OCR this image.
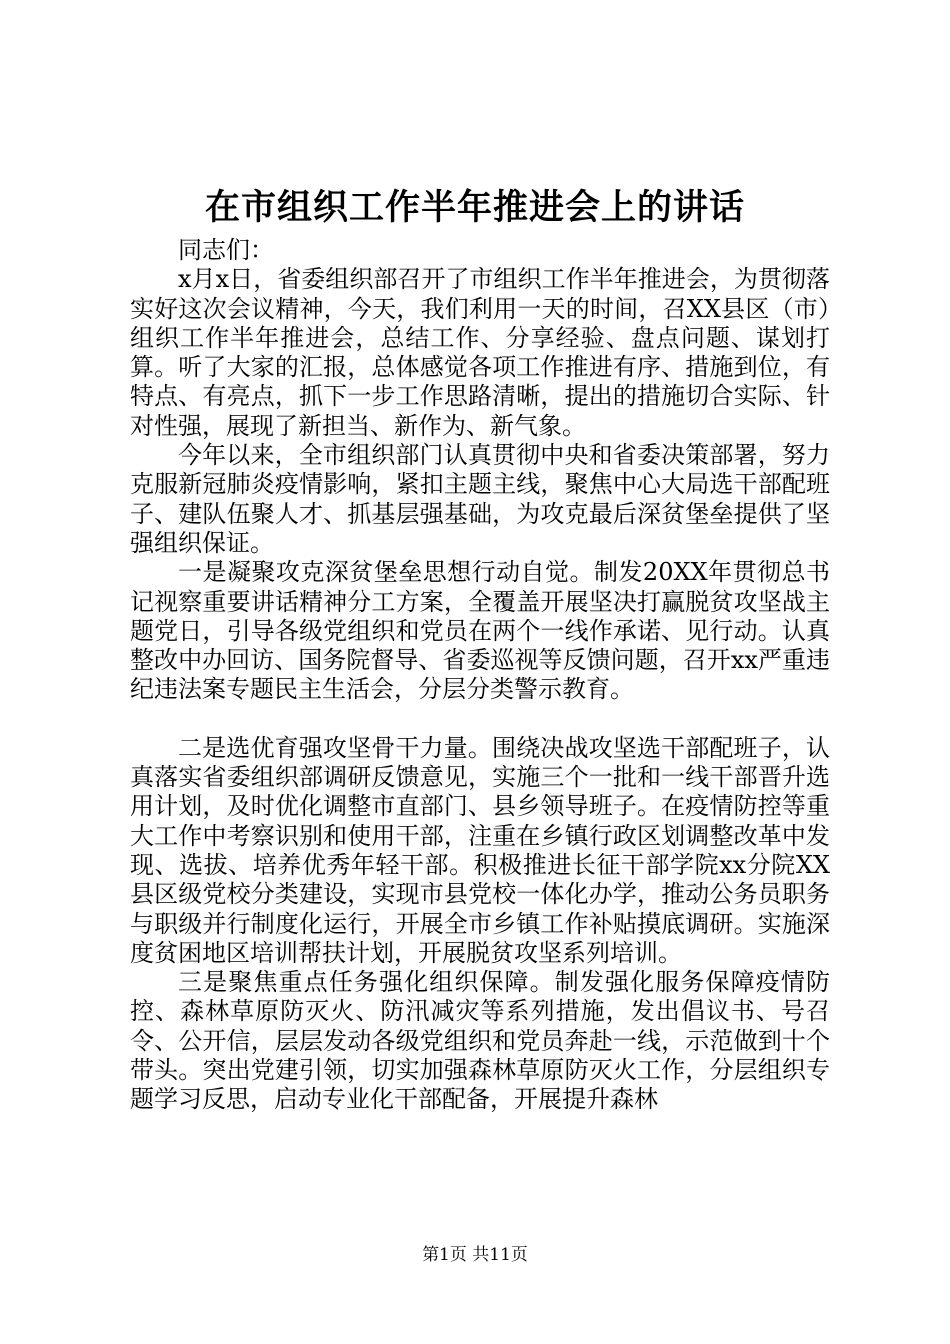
在市组织工作半年推进会上的讲话

同志们：

x月x日，省委组织部召开了市组织工作半年推进会，为贯彻落实好这次会议精神，今天，我们利用一天的时间，召XX县区（市）组织工作半年推进会，总结工作、分享经验、盘点问题、谋划打算。听了大家的汇报，总体感觉各项工作推进有序、措施到位，有特点、有亮点，抓下一步工作思路清晰，提出的措施切合实际、针对性强，展现了新担当、新作为、新气象。

今年以来，全市组织部门认真贯彻中央和省委决策部署，努力克服新冠肺炎疫情影响，紧扣主题主线，聚焦中心大局选干部配班子、建队伍聚人才、抓基层强基础，为攻克最后深贫堡垒提供了坚强组织保证。

一是凝聚攻克深贫堡垒思想行动自觉。制发20XX年贯彻总书记视察重要讲话精神分工方案，全覆盖开展坚决打赢脱贫攻坚战主题党日，引导各级党组织和党员在两个一线作承诺、见行动。认真整改中办回访、国务院督导、省委巡视等反馈问题，召开xx严重违纪违法案专题民主生活会，分层分类警示教育。

二是选优育强攻坚骨干力量。围绕决战攻坚选干部配班子，认真落实省委组织部调研反馈意见，实施三个一批和一线干部晋升选用计划，及时优化调整市直部门、县乡领导班子。在疫情防控等重大工作中考察识别和使用干部，注重在乡镇行政区划调整改革中发现、选拔、培养优秀年轻干部。积极推进长征干部学院xx分院XX县区级党校分类建设，实现市县党校一体化办学，推动公务员职务与职级并行制度化运行，开展全市乡镇工作补贴摸底调研。实施深度贫困地区培训帮扶计划，开展脱贫攻坚系列培训。

三是聚焦重点任务强化组织保障。制发强化服务保障疫情防控、森林草原防灭火、防汛减灾等系列措施，发出倡议书、号召令、公开信，层层发动各级党组织和党员奔赴一线，示范做到十个带头。突出党建引领，切实加强森林草原防灭火工作，分层组织专题学习反思，启动专业化干部配备，开展提升森林

第1页 共11页
